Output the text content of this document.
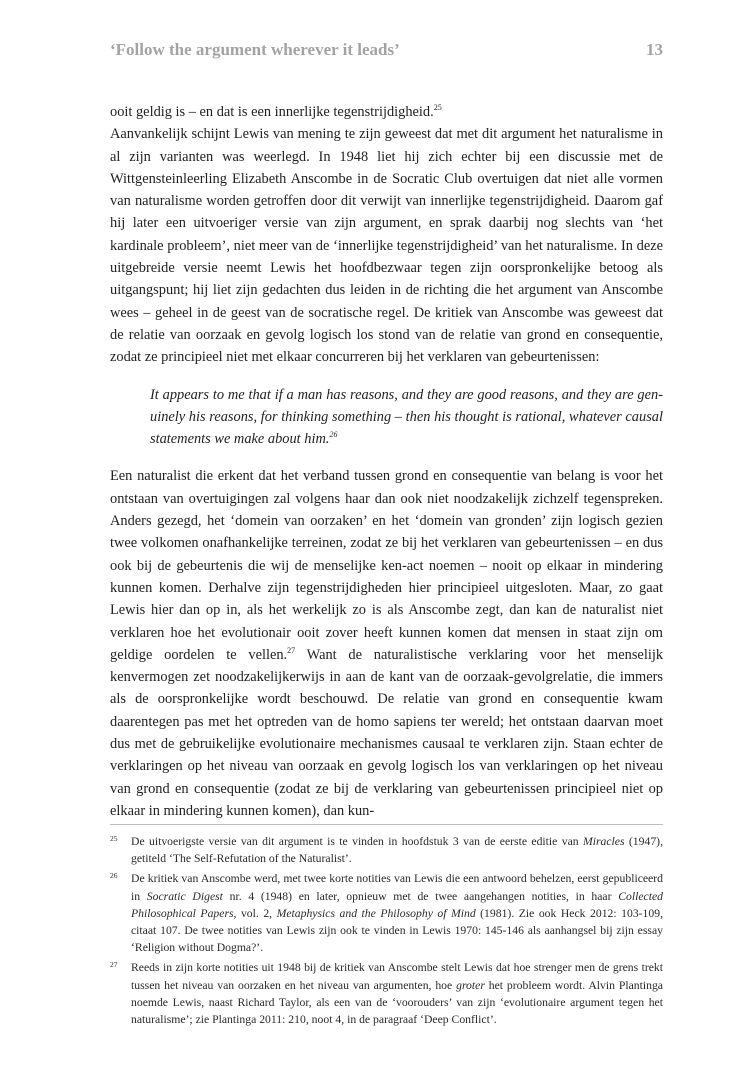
‘Follow the argument wherever it leads’	13

ooit geldig is – en dat is een innerlijke tegenstrijdigheid.$^{25}$

Aanvankelijk schijnt Lewis van mening te zijn geweest dat met dit argument het naturalisme in al zijn varianten was weerlegd. In 1948 liet hij zich echter bij een discussie met de Wittgensteinleerling Elizabeth Anscombe in de Socratic Club overtuigen dat niet alle vormen van naturalisme worden getroffen door dit verwijt van innerlijke tegenstrijdigheid. Daarom gaf hij later een uitvoeriger versie van zijn argument, en sprak daarbij nog slechts van ‘het kardinale probleem’, niet meer van de ‘innerlijke tegenstrijdigheid’ van het naturalisme. In deze uitgebreide versie neemt Lewis het hoofdbezwaar tegen zijn oorspronkelijke betoog als uitgangspunt; hij liet zijn gedachten dus leiden in de richting die het argument van Anscombe wees – geheel in de geest van de socratische regel. De kritiek van Anscombe was geweest dat de relatie van oorzaak en gevolg logisch los stond van de relatie van grond en consequentie, zodat ze principieel niet met elkaar concurreren bij het verklaren van gebeurtenissen:

It appears to me that if a man has reasons, and they are good reasons, and they are genuinely his reasons, for thinking something – then his thought is rational, whatever causal statements we make about him.$^{26}$

Een naturalist die erkent dat het verband tussen grond en consequentie van belang is voor het ontstaan van overtuigingen zal volgens haar dan ook niet noodzakelijk zichzelf tegenspreken. Anders gezegd, het ‘domein van oorzaken’ en het ‘domein van gronden’ zijn logisch gezien twee volkomen onafhankelijke terreinen, zodat ze bij het verklaren van gebeurtenissen – en dus ook bij de gebeurtenis die wij de menselijke ken-act noemen – nooit op elkaar in mindering kunnen komen. Derhalve zijn tegenstrijdigheden hier principieel uitgesloten. Maar, zo gaat Lewis hier dan op in, als het werkelijk zo is als Anscombe zegt, dan kan de naturalist niet verklaren hoe het evolutionair ooit zover heeft kunnen komen dat mensen in staat zijn om geldige oordelen te vellen.$^{27}$ Want de naturalistische verklaring voor het menselijk kenvermogen zet noodzakelijkerwijs in aan de kant van de oorzaak-gevolgrelatie, die immers als de oorspronkelijke wordt beschouwd. De relatie van grond en consequentie kwam daarentegen pas met het optreden van de homo sapiens ter wereld; het ontstaan daarvan moet dus met de gebruikelijke evolutionaire mechanismes causaal te verklaren zijn. Staan echter de verklaringen op het niveau van oorzaak en gevolg logisch los van verklaringen op het niveau van grond en consequentie (zodat ze bij de verklaring van gebeurtenissen principieel niet op elkaar in mindering kunnen komen), dan kun-

25 De uitvoerigste versie van dit argument is te vinden in hoofdstuk 3 van de eerste editie van Miracles (1947), getiteld ‘The Self-Refutation of the Naturalist’.

26 De kritiek van Anscombe werd, met twee korte notities van Lewis die een antwoord behelzen, eerst gepubliceerd in Socratic Digest nr. 4 (1948) en later, opnieuw met de twee aangehangen notities, in haar Collected Philosophical Papers, vol. 2, Metaphysics and the Philosophy of Mind (1981). Zie ook Heck 2012: 103-109, citaat 107. De twee notities van Lewis zijn ook te vinden in Lewis 1970: 145-146 als aanhangsel bij zijn essay ‘Religion without Dogma?’.

27 Reeds in zijn korte notities uit 1948 bij de kritiek van Anscombe stelt Lewis dat hoe strenger men de grens trekt tussen het niveau van oorzaken en het niveau van argumenten, hoe groter het probleem wordt. Alvin Plantinga noemde Lewis, naast Richard Taylor, als een van de ‘voorouders’ van zijn ‘evolutionaire argument tegen het naturalisme’; zie Plantinga 2011: 210, noot 4, in de paragraaf ‘Deep Conflict’.
